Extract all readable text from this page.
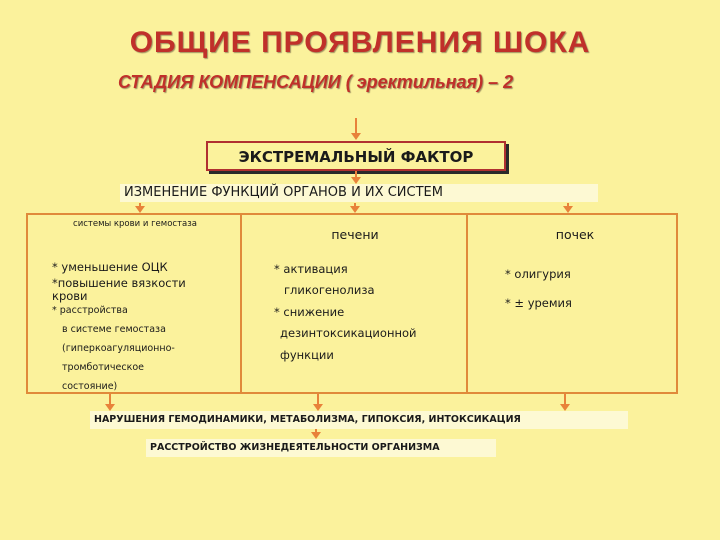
ОБЩИЕ ПРОЯВЛЕНИЯ ШОКА
СТАДИЯ КОМПЕНСАЦИИ ( эректильная) – 2
ЭКСТРЕМАЛЬНЫЙ ФАКТОР
ИЗМЕНЕНИЕ ФУНКЦИЙ ОРГАНОВ И ИХ СИСТЕМ
системы крови и гемостаза
* уменьшение ОЦК
*повышение вязкости крови
* расстройства
в системе гемостаза
(гиперкоагуляционно-
тромботическое
состояние)
печени
* активация
гликогенолиза
* снижение
дезинтоксикационной
функции
почек
* олигурия
* ± уремия
НАРУШЕНИЯ ГЕМОДИНАМИКИ, МЕТАБОЛИЗМА, ГИПОКСИЯ, ИНТОКСИКАЦИЯ
РАССТРОЙСТВО ЖИЗНЕДЕЯТЕЛЬНОСТИ ОРГАНИЗМА
